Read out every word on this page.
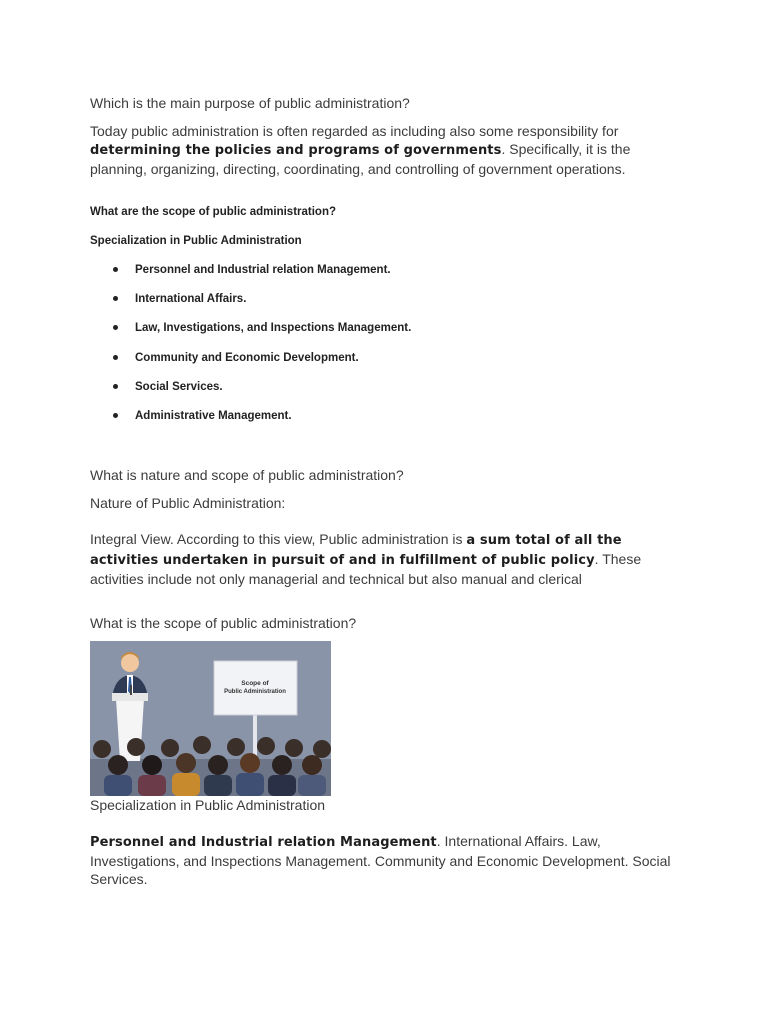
Which is the main purpose of public administration?

Today public administration is often regarded as including also some responsibility for determining the policies and programs of governments. Specifically, it is the planning, organizing, directing, coordinating, and controlling of government operations.

What are the scope of public administration?

Specialization in Public Administration

Personnel and Industrial relation Management.
International Affairs.
Law, Investigations, and Inspections Management.
Community and Economic Development.
Social Services.
Administrative Management.

What is nature and scope of public administration?

Nature of Public Administration:

Integral View. According to this view, Public administration is a sum total of all the activities undertaken in pursuit of and in fulfillment of public policy. These activities include not only managerial and technical but also manual and clerical

What is the scope of public administration?

Specialization in Public Administration

Personnel and Industrial relation Management. International Affairs. Law, Investigations, and Inspections Management. Community and Economic Development. Social Services.

Scope of
Public Administration
